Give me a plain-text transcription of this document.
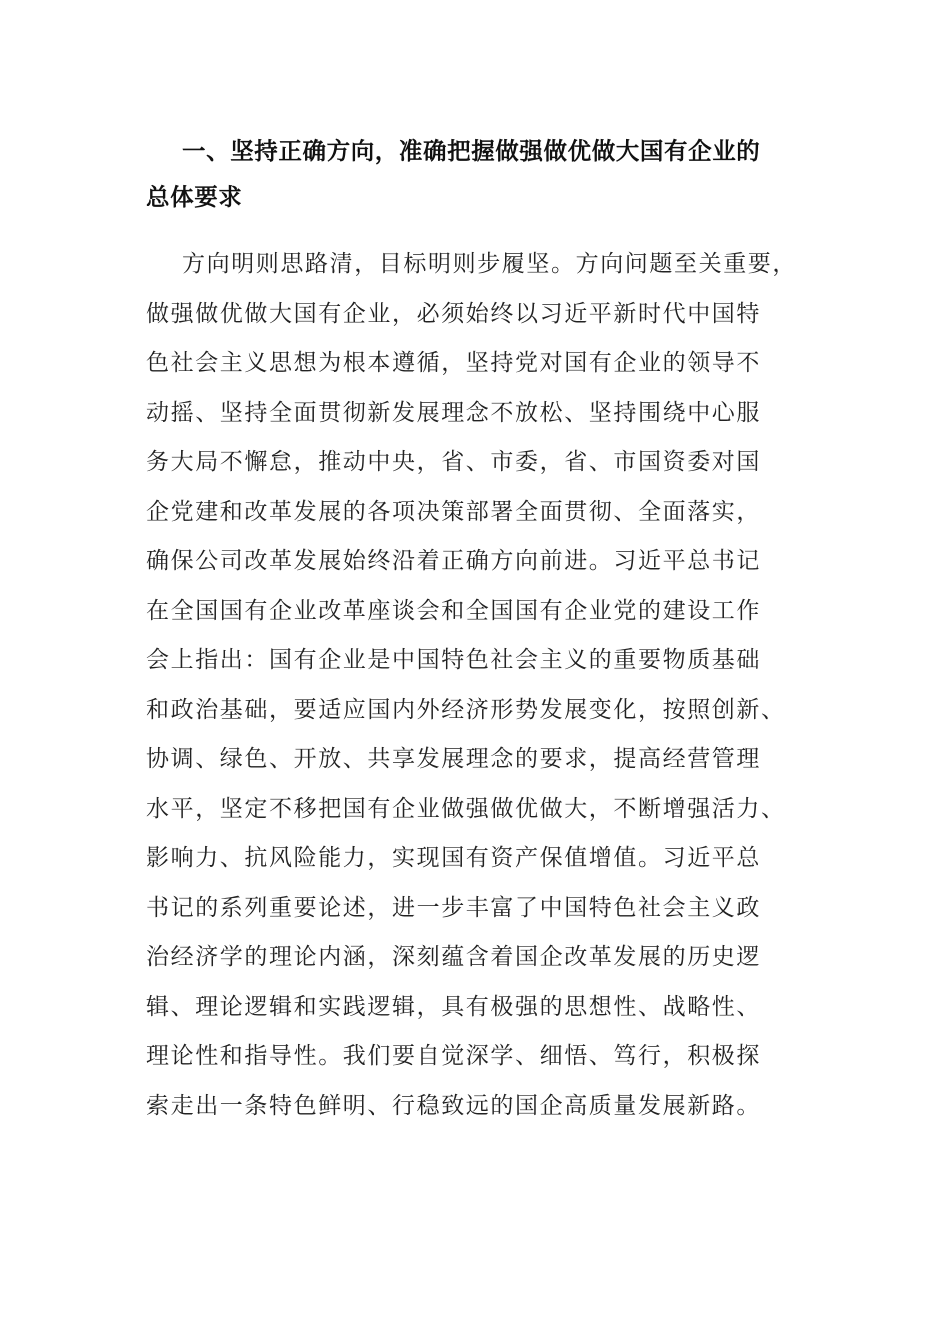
一、坚持正确方向，准确把握做强做优做大国有企业的
总体要求
方向明则思路清，目标明则步履坚。方向问题至关重要，
做强做优做大国有企业，必须始终以习近平新时代中国特
色社会主义思想为根本遵循，坚持党对国有企业的领导不
动摇、坚持全面贯彻新发展理念不放松、坚持围绕中心服
务大局不懈怠，推动中央，省、市委，省、市国资委对国
企党建和改革发展的各项决策部署全面贯彻、全面落实，
确保公司改革发展始终沿着正确方向前进。习近平总书记
在全国国有企业改革座谈会和全国国有企业党的建设工作
会上指出：国有企业是中国特色社会主义的重要物质基础
和政治基础，要适应国内外经济形势发展变化，按照创新、
协调、绿色、开放、共享发展理念的要求，提高经营管理
水平，坚定不移把国有企业做强做优做大，不断增强活力、
影响力、抗风险能力，实现国有资产保值增值。习近平总
书记的系列重要论述，进一步丰富了中国特色社会主义政
治经济学的理论内涵，深刻蕴含着国企改革发展的历史逻
辑、理论逻辑和实践逻辑，具有极强的思想性、战略性、
理论性和指导性。我们要自觉深学、细悟、笃行，积极探
索走出一条特色鲜明、行稳致远的国企高质量发展新路。
